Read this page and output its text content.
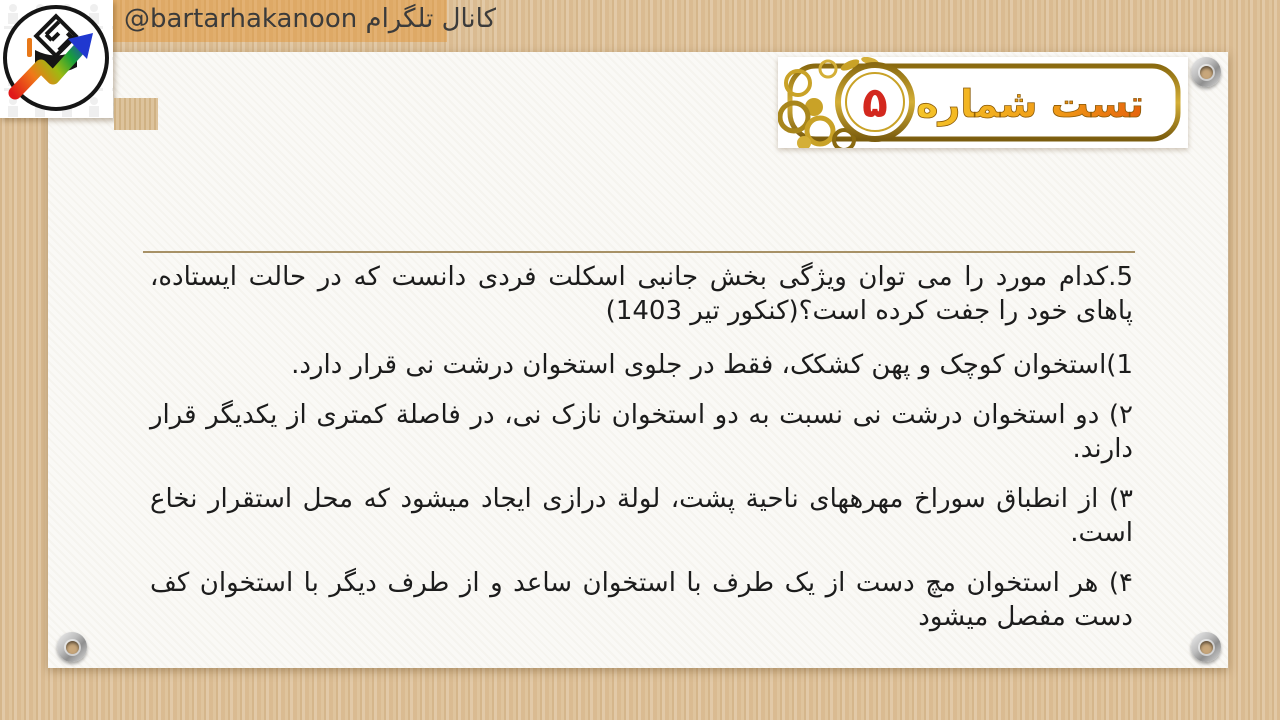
@bartarhakanoon کانال تلگرام
۵ تست شماره

5.کدام مورد را می توان ویژگی بخش جانبی اسکلت فردی دانست که در حالت ایستاده، پاهای خود را جفت کرده است؟(کنکور تیر 1403)

1)استخوان کوچک و پهن کشکک، فقط در جلوی استخوان درشت نی قرار دارد.

۲) دو استخوان درشت نی نسبت به دو استخوان نازک نی، در فاصلة کمتری از یکدیگر قرار دارند.

۳) از انطباق سوراخ مهرههای ناحیة پشت، لولة درازی ایجاد میشود که محل استقرار نخاع است.

۴) هر استخوان مچ دست از یک طرف با استخوان ساعد و از طرف دیگر با استخوان کف دست مفصل میشود
